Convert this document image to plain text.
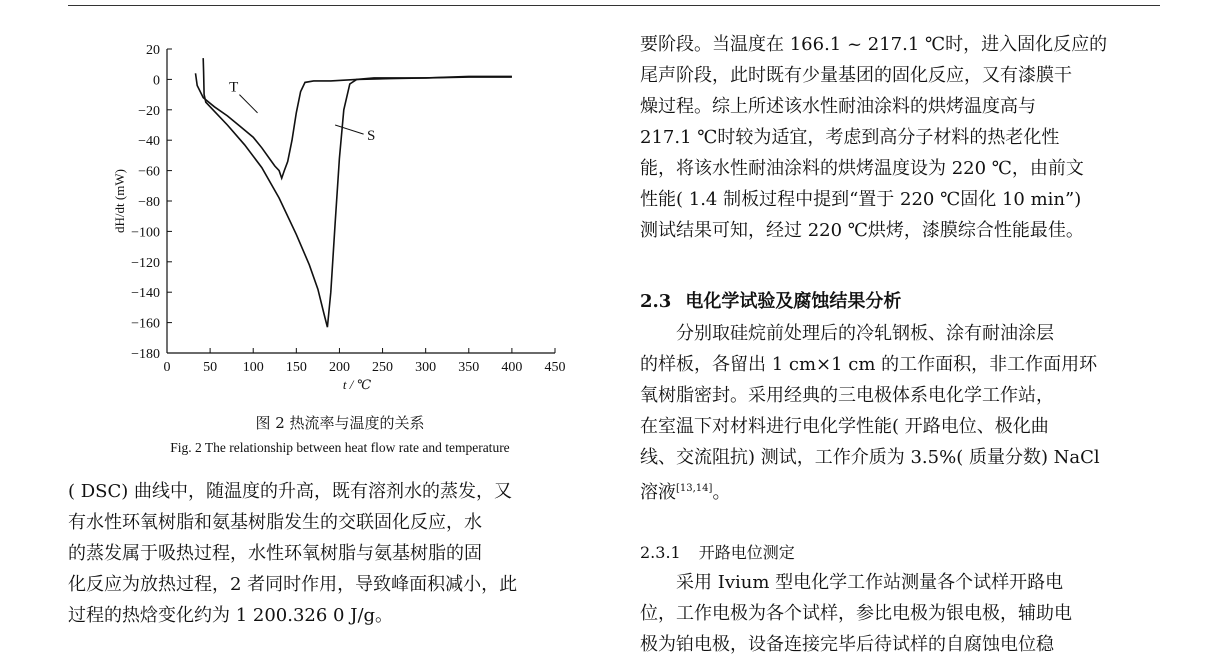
0 50 100 150 200 250 300 350 400 450
20
0
−20
−40
−60
−80
−100
−120
−140
−160
−180
t / ℃
dH/dt (mW)
T
S
图 2 热流率与温度的关系
Fig. 2 The relationship between heat flow rate and temperature

( DSC) 曲线中，随温度的升高，既有溶剂水的蒸发，又

有水性环氧树脂和氨基树脂发生的交联固化反应，水

的蒸发属于吸热过程，水性环氧树脂与氨基树脂的固

化反应为放热过程，2 者同时作用，导致峰面积减小，此

过程的热焓变化约为 1 200.326 0 J/g。

要阶段。当温度在 166.1 ~ 217.1 ℃时，进入固化反应的

尾声阶段，此时既有少量基团的固化反应，又有漆膜干

燥过程。综上所述该水性耐油涂料的烘烤温度高与

217.1 ℃时较为适宜，考虑到高分子材料的热老化性

能，将该水性耐油涂料的烘烤温度设为 220 ℃，由前文

性能( 1.4 制板过程中提到“置于 220 ℃固化 10 min”)

测试结果可知，经过 220 ℃烘烤，漆膜综合性能最佳。

2.3 电化学试验及腐蚀结果分析

　　分别取硅烷前处理后的冷轧钢板、涂有耐油涂层

的样板，各留出 1 cm×1 cm 的工作面积，非工作面用环

氧树脂密封。采用经典的三电极体系电化学工作站，

在室温下对材料进行电化学性能( 开路电位、极化曲

线、交流阻抗) 测试，工作介质为 3.5%( 质量分数) NaCl

溶液[13,14]。

2.3.1 开路电位测定

　　采用 Ivium 型电化学工作站测量各个试样开路电

位，工作电极为各个试样，参比电极为银电极，辅助电

极为铂电极，设备连接完毕后待试样的自腐蚀电位稳
